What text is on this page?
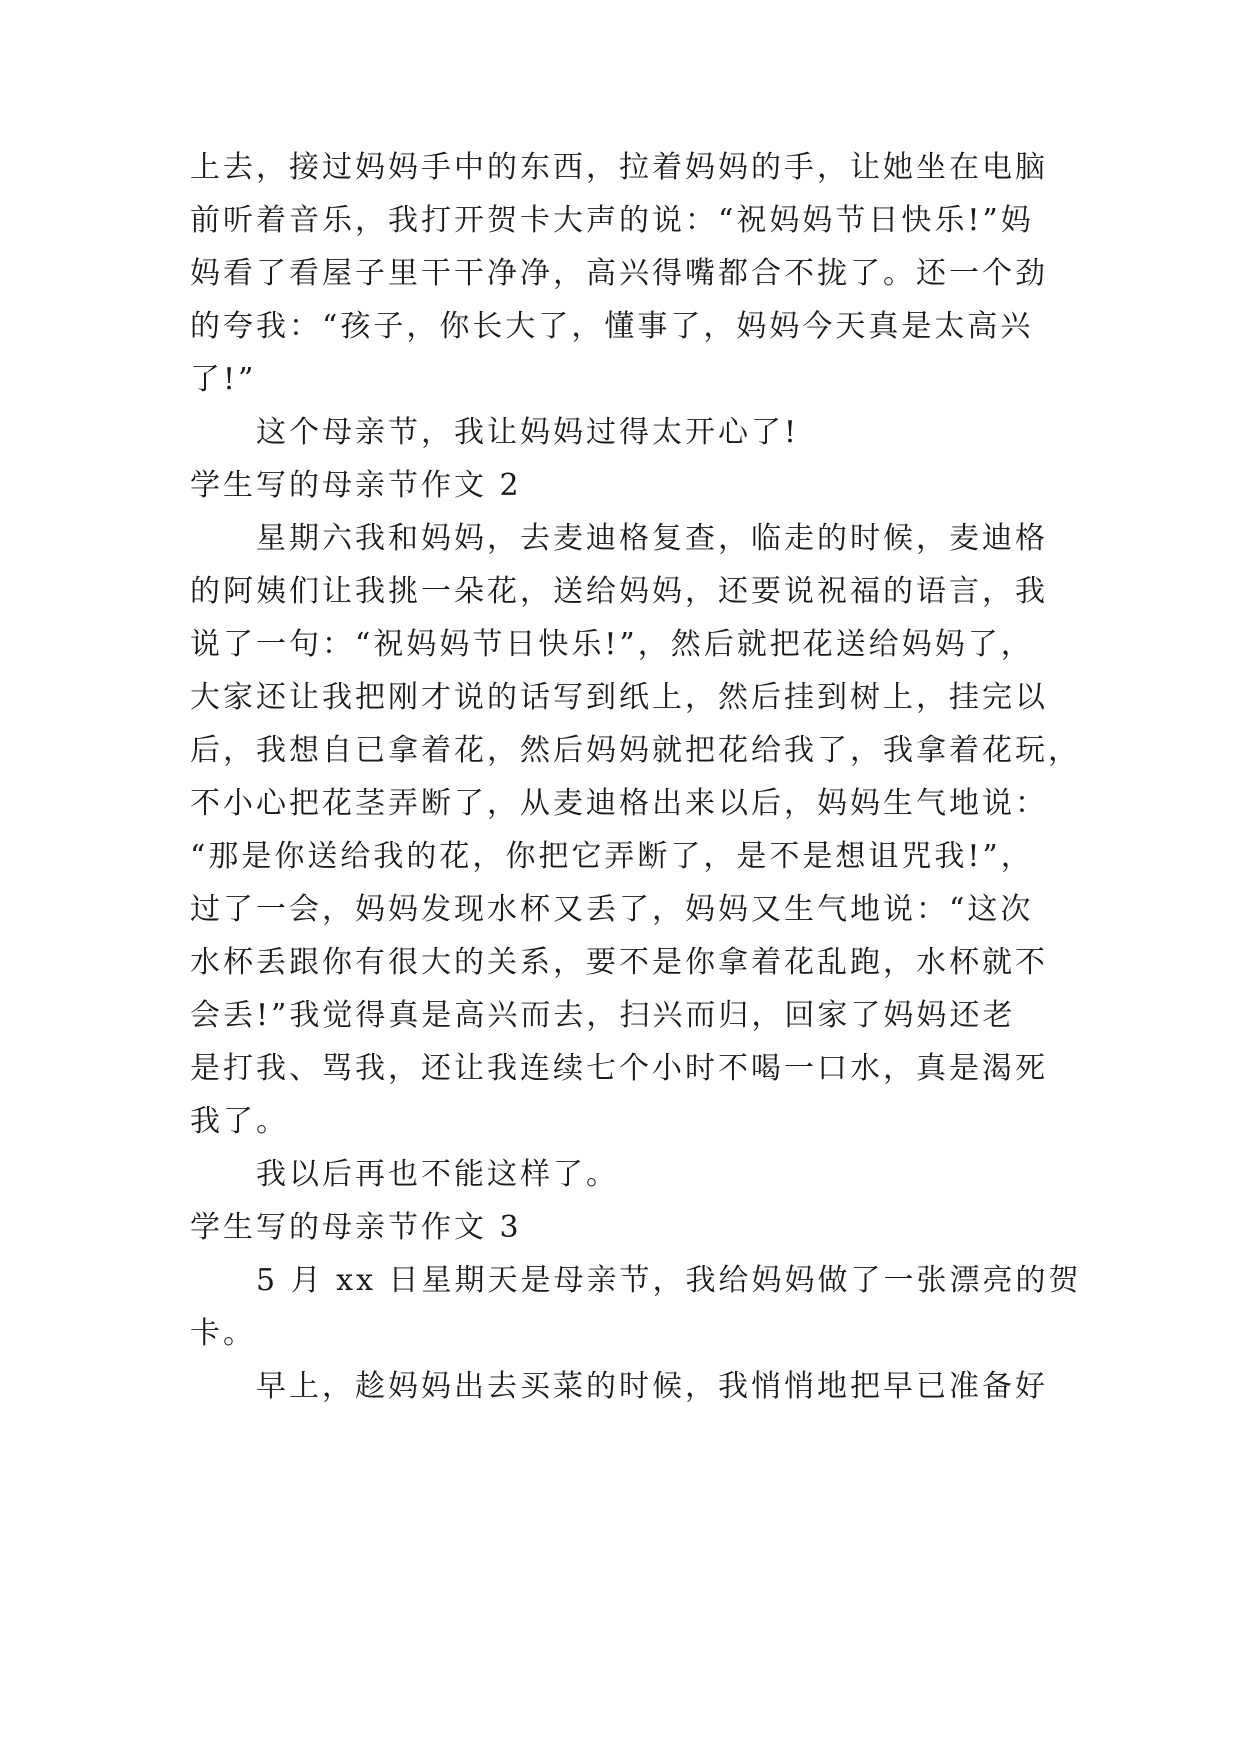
上去，接过妈妈手中的东西，拉着妈妈的手，让她坐在电脑
前听着音乐，我打开贺卡大声的说：“祝妈妈节日快乐!”妈
妈看了看屋子里干干净净，高兴得嘴都合不拢了。还一个劲
的夸我：“孩子，你长大了，懂事了，妈妈今天真是太高兴
了!”
这个母亲节，我让妈妈过得太开心了!
学生写的母亲节作文 2
星期六我和妈妈，去麦迪格复查，临走的时候，麦迪格
的阿姨们让我挑一朵花，送给妈妈，还要说祝福的语言，我
说了一句：“祝妈妈节日快乐!”，然后就把花送给妈妈了，
大家还让我把刚才说的话写到纸上，然后挂到树上，挂完以
后，我想自已拿着花，然后妈妈就把花给我了，我拿着花玩，
不小心把花茎弄断了，从麦迪格出来以后，妈妈生气地说：
“那是你送给我的花，你把它弄断了，是不是想诅咒我!”，
过了一会，妈妈发现水杯又丢了，妈妈又生气地说：“这次
水杯丢跟你有很大的关系，要不是你拿着花乱跑，水杯就不
会丢!”我觉得真是高兴而去，扫兴而归，回家了妈妈还老
是打我、骂我，还让我连续七个小时不喝一口水，真是渴死
我了。
我以后再也不能这样了。
学生写的母亲节作文 3
5 月 xx 日星期天是母亲节，我给妈妈做了一张漂亮的贺
卡。
早上，趁妈妈出去买菜的时候，我悄悄地把早已准备好
